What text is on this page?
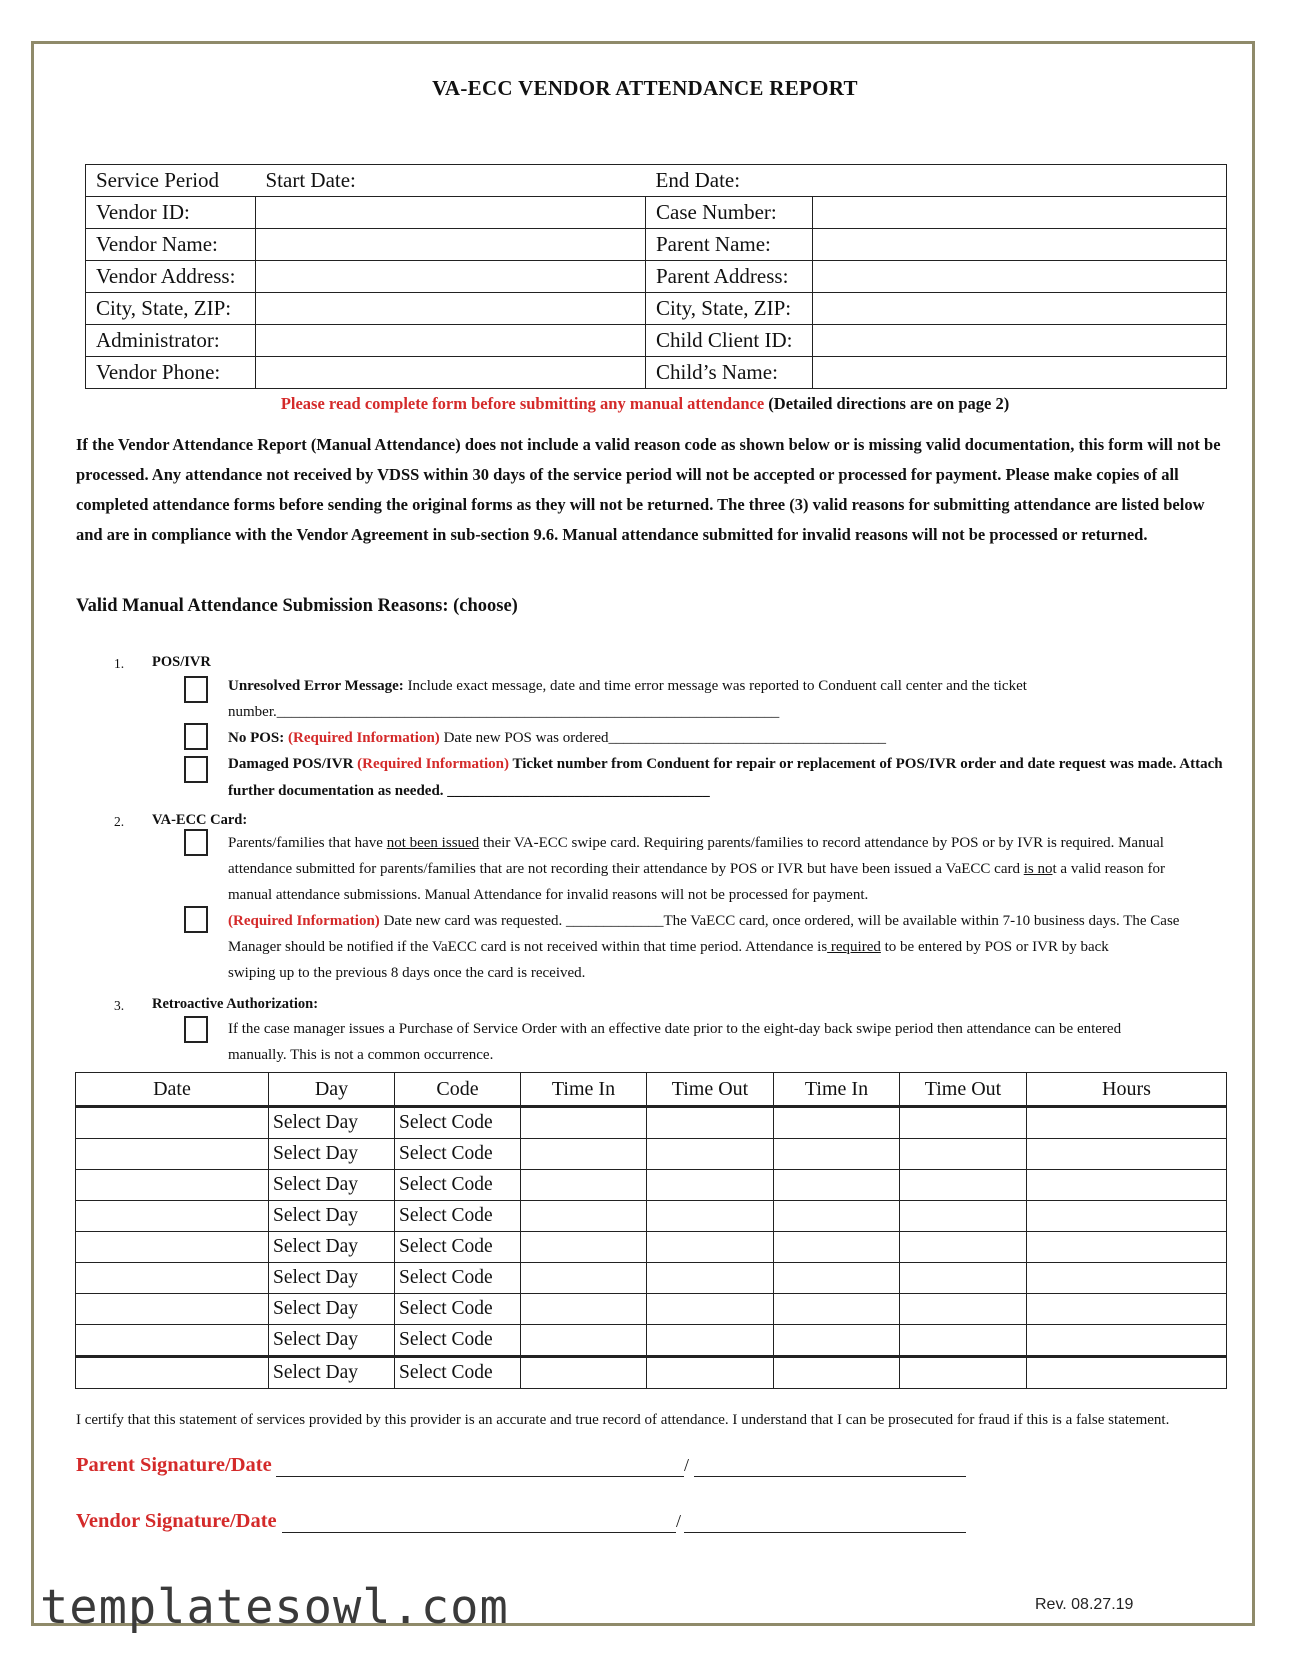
VA-ECC VENDOR ATTENDANCE REPORT
Service Period	Start Date:	End Date:	
Vendor ID:		Case Number:	
Vendor Name:		Parent Name:	
Vendor Address:		Parent Address:	
City, State, ZIP:		City, State, ZIP:	
Administrator:		Child Client ID:	
Vendor Phone:		Child’s Name:	
Please read complete form before submitting any manual attendance (Detailed directions are on page 2)
If the Vendor Attendance Report (Manual Attendance) does not include a valid reason code as shown below or is missing valid documentation, this form will not be processed. Any attendance not received by VDSS within 30 days of the service period will not be accepted or processed for payment. Please make copies of all completed attendance forms before sending the original forms as they will not be returned. The three (3) valid reasons for submitting attendance are listed below and are in compliance with the Vendor Agreement in sub-section 9.6. Manual attendance submitted for invalid reasons will not be processed or returned.
Valid Manual Attendance Submission Reasons: (choose)
1. POS/IVR
Unresolved Error Message: Include exact message, date and time error message was reported to Conduent call center and the ticket
number.___________________________________________________________________
No POS: (Required Information) Date new POS was ordered_____________________________________
Damaged POS/IVR (Required Information) Ticket number from Conduent for repair or replacement of POS/IVR order and date request was made. Attach
further documentation as needed. ___________________________________
2. VA-ECC Card:
Parents/families that have not been issued their VA-ECC swipe card. Requiring parents/families to record attendance by POS or by IVR is required. Manual
attendance submitted for parents/families that are not recording their attendance by POS or IVR but have been issued a VaECC card is not a valid reason for
manual attendance submissions. Manual Attendance for invalid reasons will not be processed for payment.
(Required Information) Date new card was requested. _____________The VaECC card, once ordered, will be available within 7-10 business days. The Case
Manager should be notified if the VaECC card is not received within that time period. Attendance is required to be entered by POS or IVR by back
swiping up to the previous 8 days once the card is received.
3. Retroactive Authorization:
If the case manager issues a Purchase of Service Order with an effective date prior to the eight-day back swipe period then attendance can be entered
manually. This is not a common occurrence.
Date	Day	Code	Time In	Time Out	Time In	Time Out	Hours
	Select Day	Select Code					
	Select Day	Select Code					
	Select Day	Select Code					
	Select Day	Select Code					
	Select Day	Select Code					
	Select Day	Select Code					
	Select Day	Select Code					
	Select Day	Select Code					
	Select Day	Select Code					
I certify that this statement of services provided by this provider is an accurate and true record of attendance. I understand that I can be prosecuted for fraud if this is a false statement.
Parent Signature/Date	/
Vendor Signature/Date	/
templatesowl.com	Rev. 08.27.19
